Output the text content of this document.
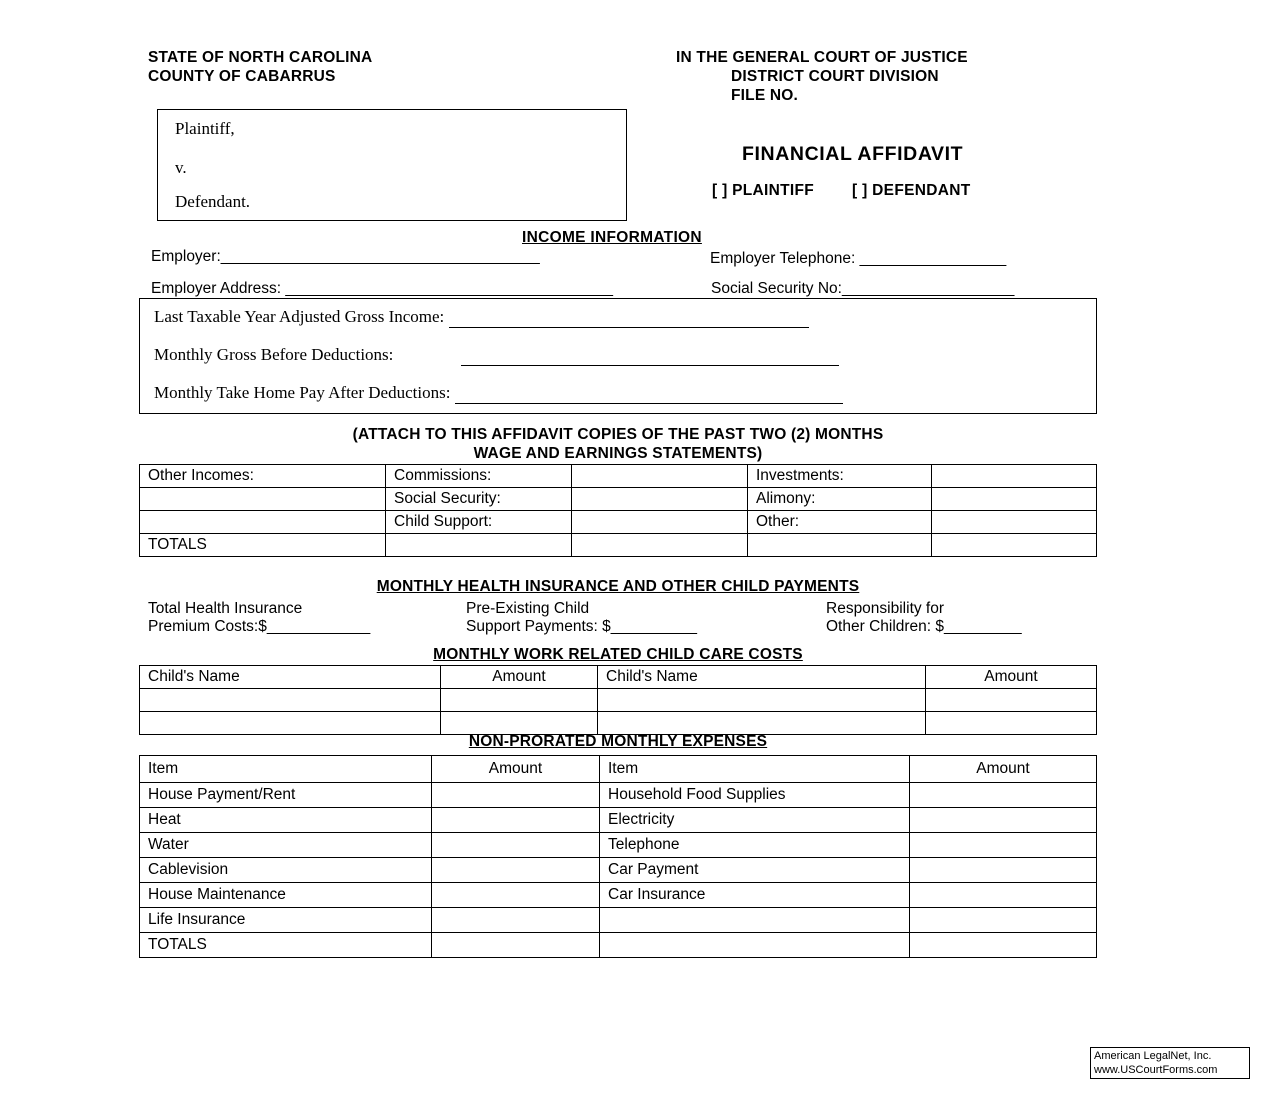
STATE OF NORTH CAROLINA
COUNTY OF CABARRUS
IN THE GENERAL COURT OF JUSTICE
DISTRICT COURT DIVISION
FILE NO.
Plaintiff,
v.
Defendant.
FINANCIAL AFFIDAVIT
[ ] PLAINTIFF [ ] DEFENDANT
INCOME INFORMATION
Employer:_____________________________________	Employer Telephone: _________________
Employer Address: ______________________________________	Social Security No:____________________
Last Taxable Year Adjusted Gross Income:
Monthly Gross Before Deductions:
Monthly Take Home Pay After Deductions:
(ATTACH TO THIS AFFIDAVIT COPIES OF THE PAST TWO (2) MONTHS
WAGE AND EARNINGS STATEMENTS)
Other Incomes:	Commissions:		Investments:	
	Social Security:		Alimony:	
	Child Support:		Other:	
TOTALS				
MONTHLY HEALTH INSURANCE AND OTHER CHILD PAYMENTS
Total Health Insurance
Premium Costs:$____________
Pre-Existing Child
Support Payments: $__________
Responsibility for
Other Children: $_________
MONTHLY WORK RELATED CHILD CARE COSTS
Child's Name	Amount	Child's Name	Amount

NON-PRORATED MONTHLY EXPENSES
Item	Amount	Item	Amount
House Payment/Rent		Household Food Supplies	
Heat		Electricity	
Water		Telephone	
Cablevision		Car Payment	
House Maintenance		Car Insurance	
Life Insurance			
TOTALS			
American LegalNet, Inc.
www.USCourtForms.com
